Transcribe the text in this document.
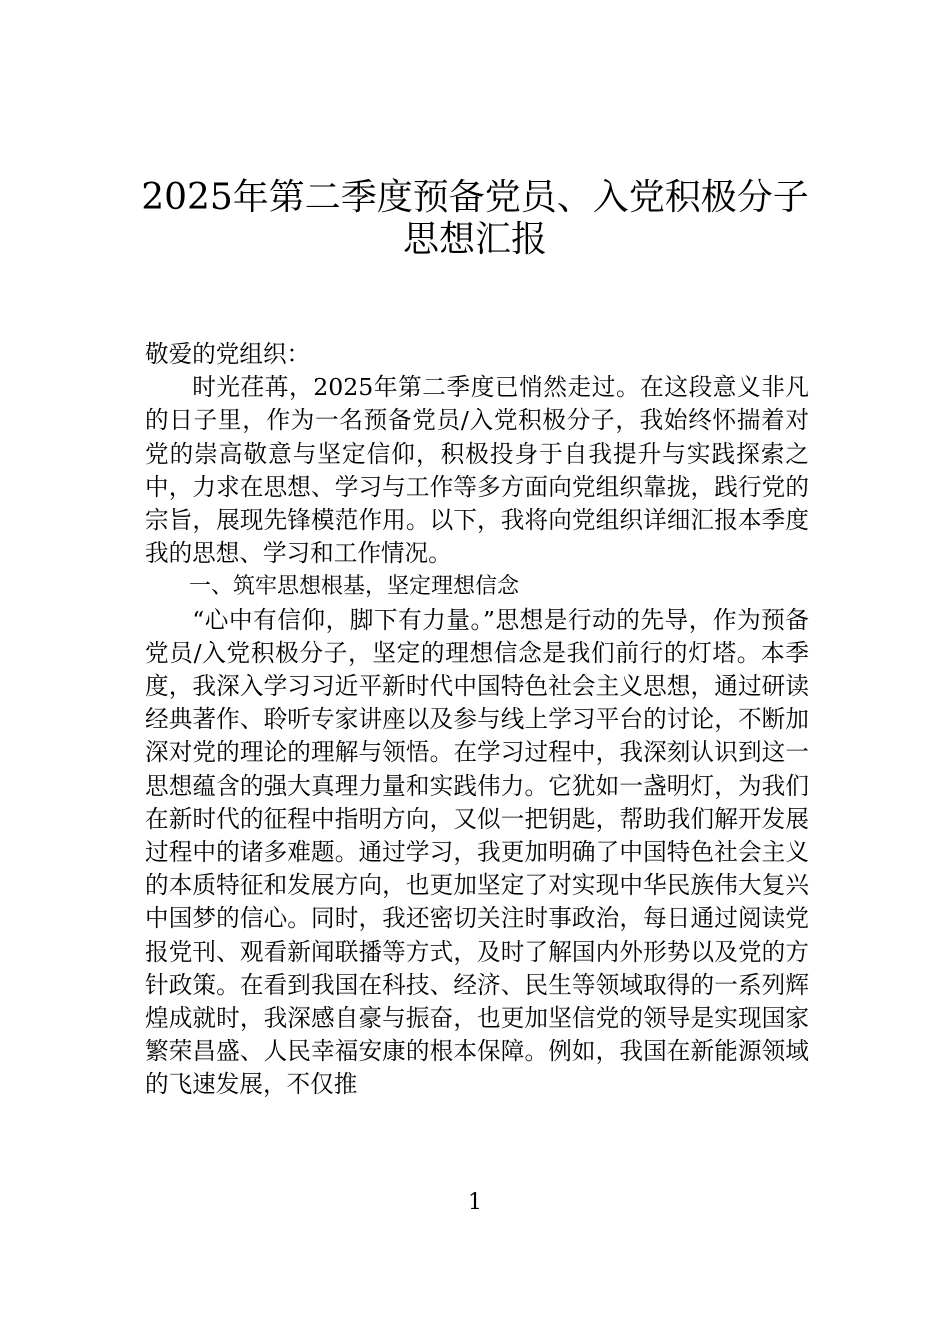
2025年第二季度预备党员、入党积极分子
思想汇报

敬爱的党组织：

时光荏苒，2025年第二季度已悄然走过。在这段意义非凡的日子里，作为一名预备党员/入党积极分子，我始终怀揣着对党的崇高敬意与坚定信仰，积极投身于自我提升与实践探索之中，力求在思想、学习与工作等多方面向党组织靠拢，践行党的宗旨，展现先锋模范作用。以下，我将向党组织详细汇报本季度我的思想、学习和工作情况。

一、筑牢思想根基，坚定理想信念

“心中有信仰，脚下有力量。”思想是行动的先导，作为预备党员/入党积极分子，坚定的理想信念是我们前行的灯塔。本季度，我深入学习习近平新时代中国特色社会主义思想，通过研读经典著作、聆听专家讲座以及参与线上学习平台的讨论，不断加深对党的理论的理解与领悟。在学习过程中，我深刻认识到这一思想蕴含的强大真理力量和实践伟力。它犹如一盏明灯，为我们在新时代的征程中指明方向，又似一把钥匙，帮助我们解开发展过程中的诸多难题。通过学习，我更加明确了中国特色社会主义的本质特征和发展方向，也更加坚定了对实现中华民族伟大复兴中国梦的信心。同时，我还密切关注时事政治，每日通过阅读党报党刊、观看新闻联播等方式，及时了解国内外形势以及党的方针政策。在看到我国在科技、经济、民生等领域取得的一系列辉煌成就时，我深感自豪与振奋，也更加坚信党的领导是实现国家繁荣昌盛、人民幸福安康的根本保障。例如，我国在新能源领域的飞速发展，不仅推

1
